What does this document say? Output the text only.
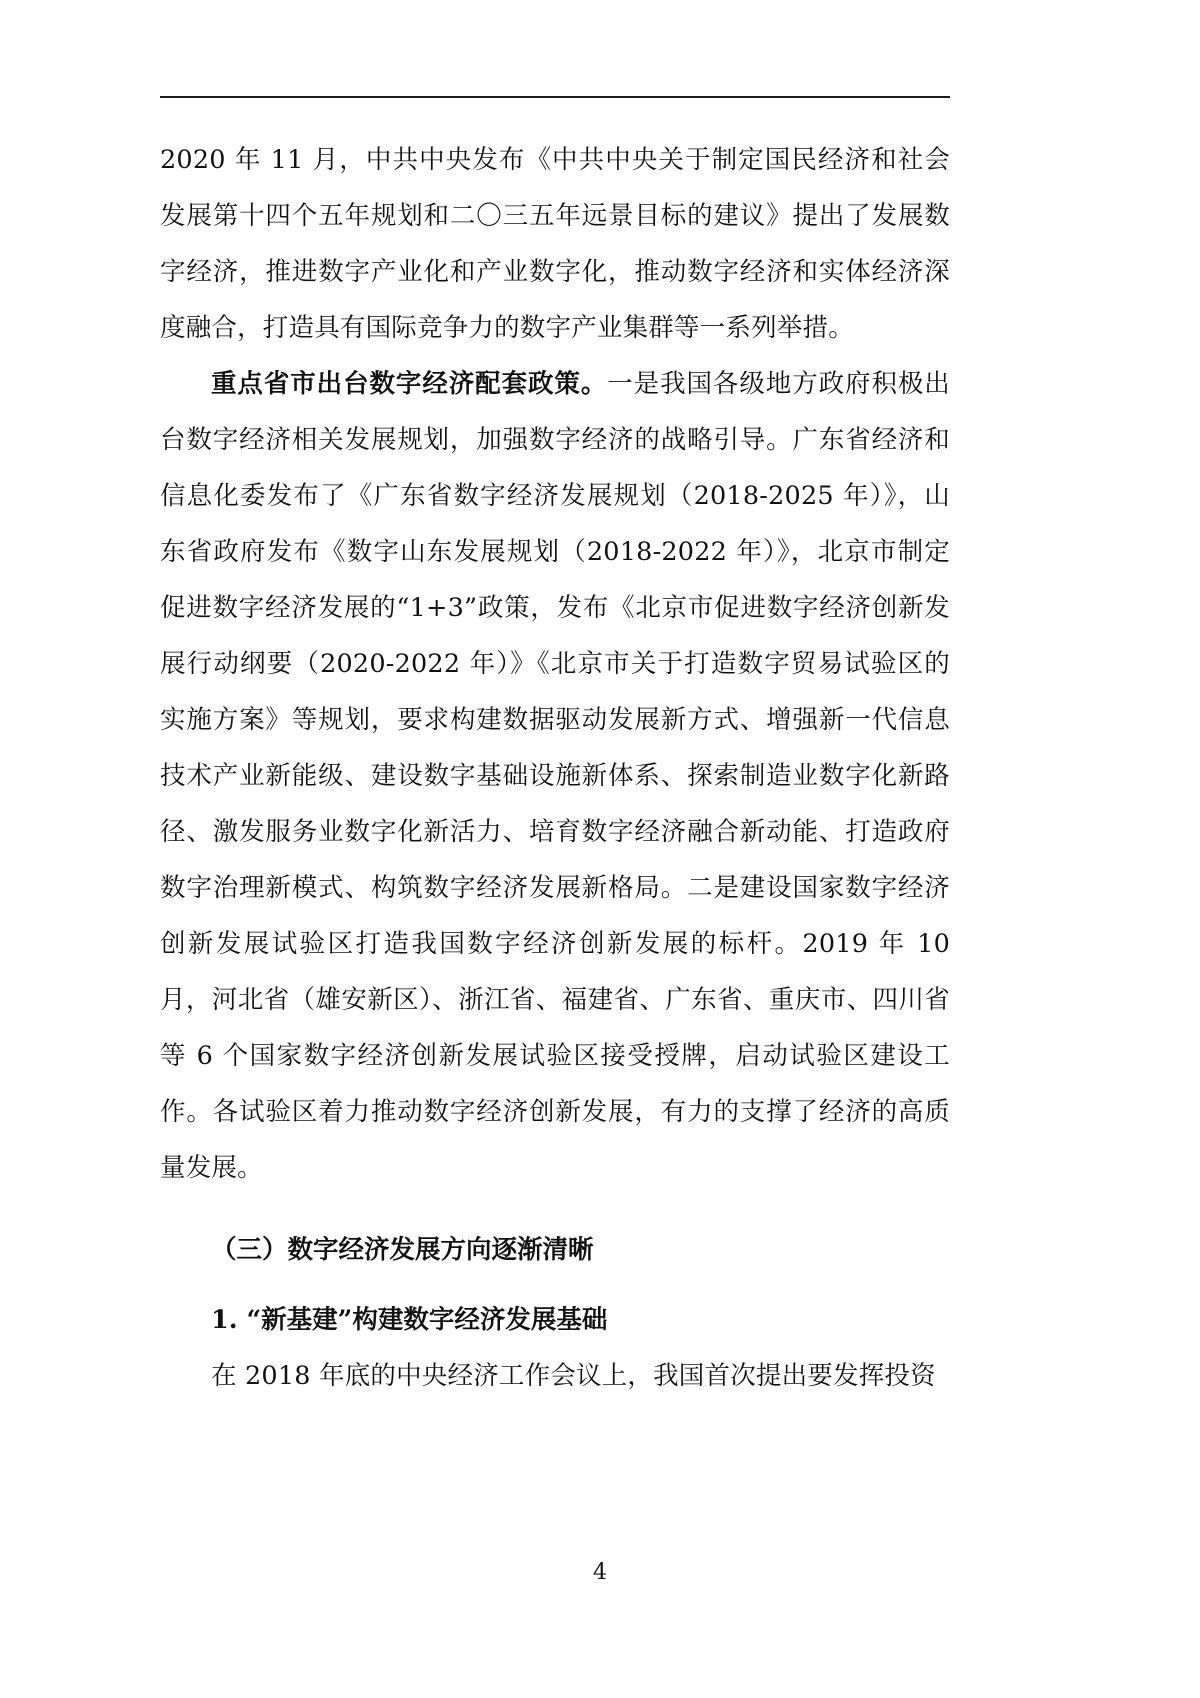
2020 年 11 月，中共中央发布《中共中央关于制定国民经济和社会发展第十四个五年规划和二〇三五年远景目标的建议》提出了发展数字经济，推进数字产业化和产业数字化，推动数字经济和实体经济深度融合，打造具有国际竞争力的数字产业集群等一系列举措。

重点省市出台数字经济配套政策。一是我国各级地方政府积极出台数字经济相关发展规划，加强数字经济的战略引导。广东省经济和信息化委发布了《广东省数字经济发展规划（2018-2025 年）》，山东省政府发布《数字山东发展规划（2018-2022 年）》，北京市制定促进数字经济发展的“1+3”政策，发布《北京市促进数字经济创新发展行动纲要（2020-2022 年）》《北京市关于打造数字贸易试验区的实施方案》等规划，要求构建数据驱动发展新方式、增强新一代信息技术产业新能级、建设数字基础设施新体系、探索制造业数字化新路径、激发服务业数字化新活力、培育数字经济融合新动能、打造政府数字治理新模式、构筑数字经济发展新格局。二是建设国家数字经济创新发展试验区打造我国数字经济创新发展的标杆。2019 年 10 月，河北省（雄安新区）、浙江省、福建省、广东省、重庆市、四川省等 6 个国家数字经济创新发展试验区接受授牌，启动试验区建设工作。各试验区着力推动数字经济创新发展，有力的支撑了经济的高质量发展。

（三）数字经济发展方向逐渐清晰
1. “新基建”构建数字经济发展基础

在 2018 年底的中央经济工作会议上，我国首次提出要发挥投资

4
